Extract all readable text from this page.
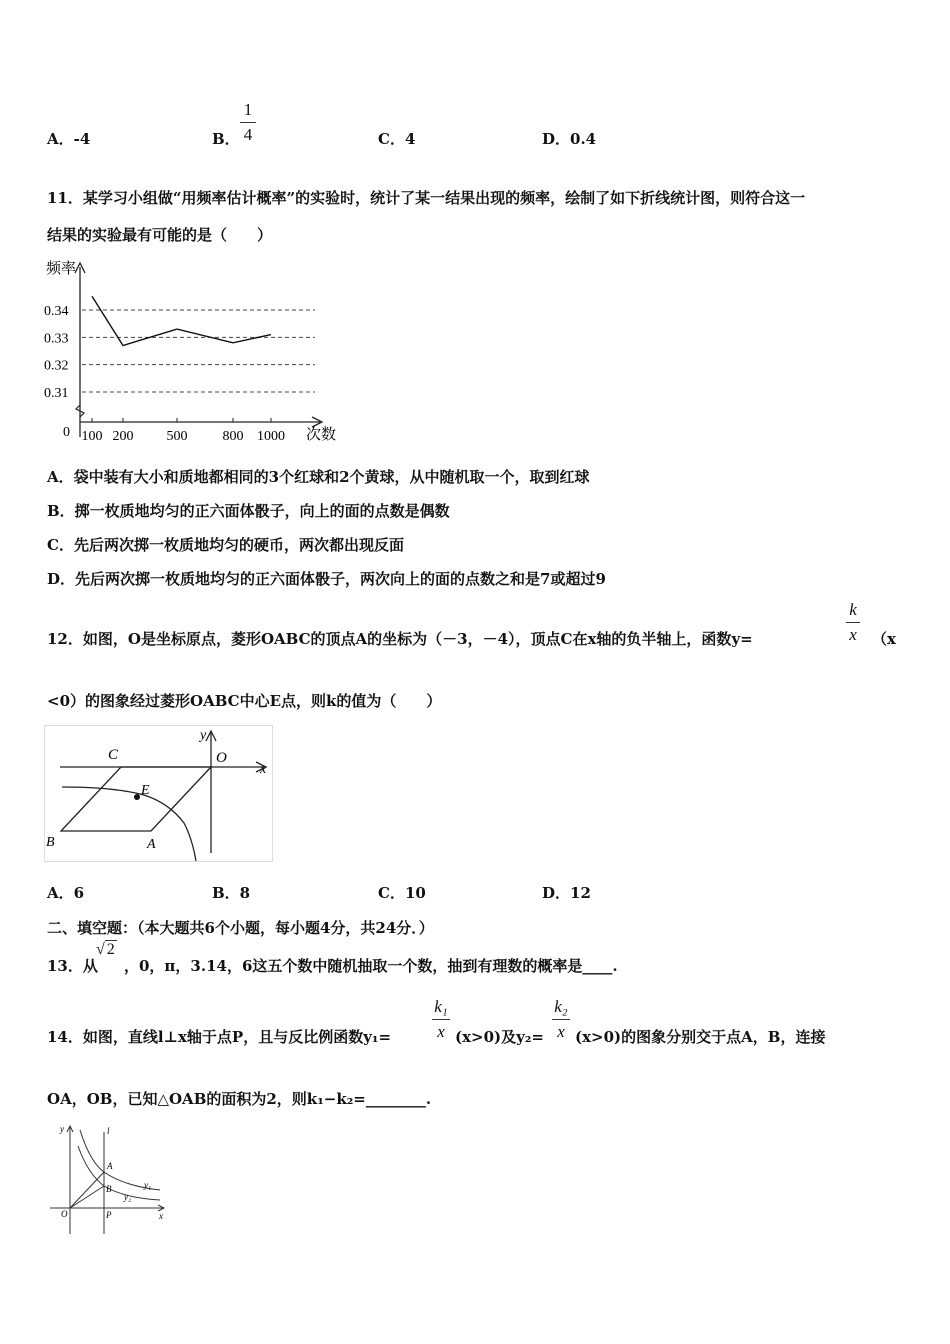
A．-4	B．
1
4	C．4	D．0.4
11．某学习小组做“用频率估计概率”的实验时，统计了某一结果出现的频率，绘制了如下折线统计图，则符合这一
结果的实验最有可能的是（　　）
0.34
0.33
0.32
0.31
100 200 500	800 1000
频率
次数
0
A．袋中装有大小和质地都相同的3个红球和2个黄球，从中随机取一个，取到红球
B．掷一枚质地均匀的正六面体骰子，向上的面的点数是偶数
C．先后两次掷一枚质地均匀的硬币，两次都出现反面
D．先后两次掷一枚质地均匀的正六面体骰子，两次向上的面的点数之和是7或超过9
12．如图，O是坐标原点，菱形OABC的顶点A的坐标为（－3，－4），顶点C在x轴的负半轴上，函数y=
k
x （x
<0）的图象经过菱形OABC中心E点，则k的值为（　　）
C	O
y
x
E
B	A
A．6	B．8	C．10	D．12
二、填空题：（本大题共6个小题，每小题4分，共24分．）
13．从
√ 2
，0，π，3.14，6这五个数中随机抽取一个数，抽到有理数的概率是____.
14．如图，直线l⊥x轴于点P，且与反比例函数y₁=
k₁
x (x>0)及y₂=
k₂
x (x>0)的图象分别交于点A，B，连接
OA，OB，已知△OAB的面积为2，则k₁−k₂=________.
y	l
A
B	y₁
y₂
O	P	x
